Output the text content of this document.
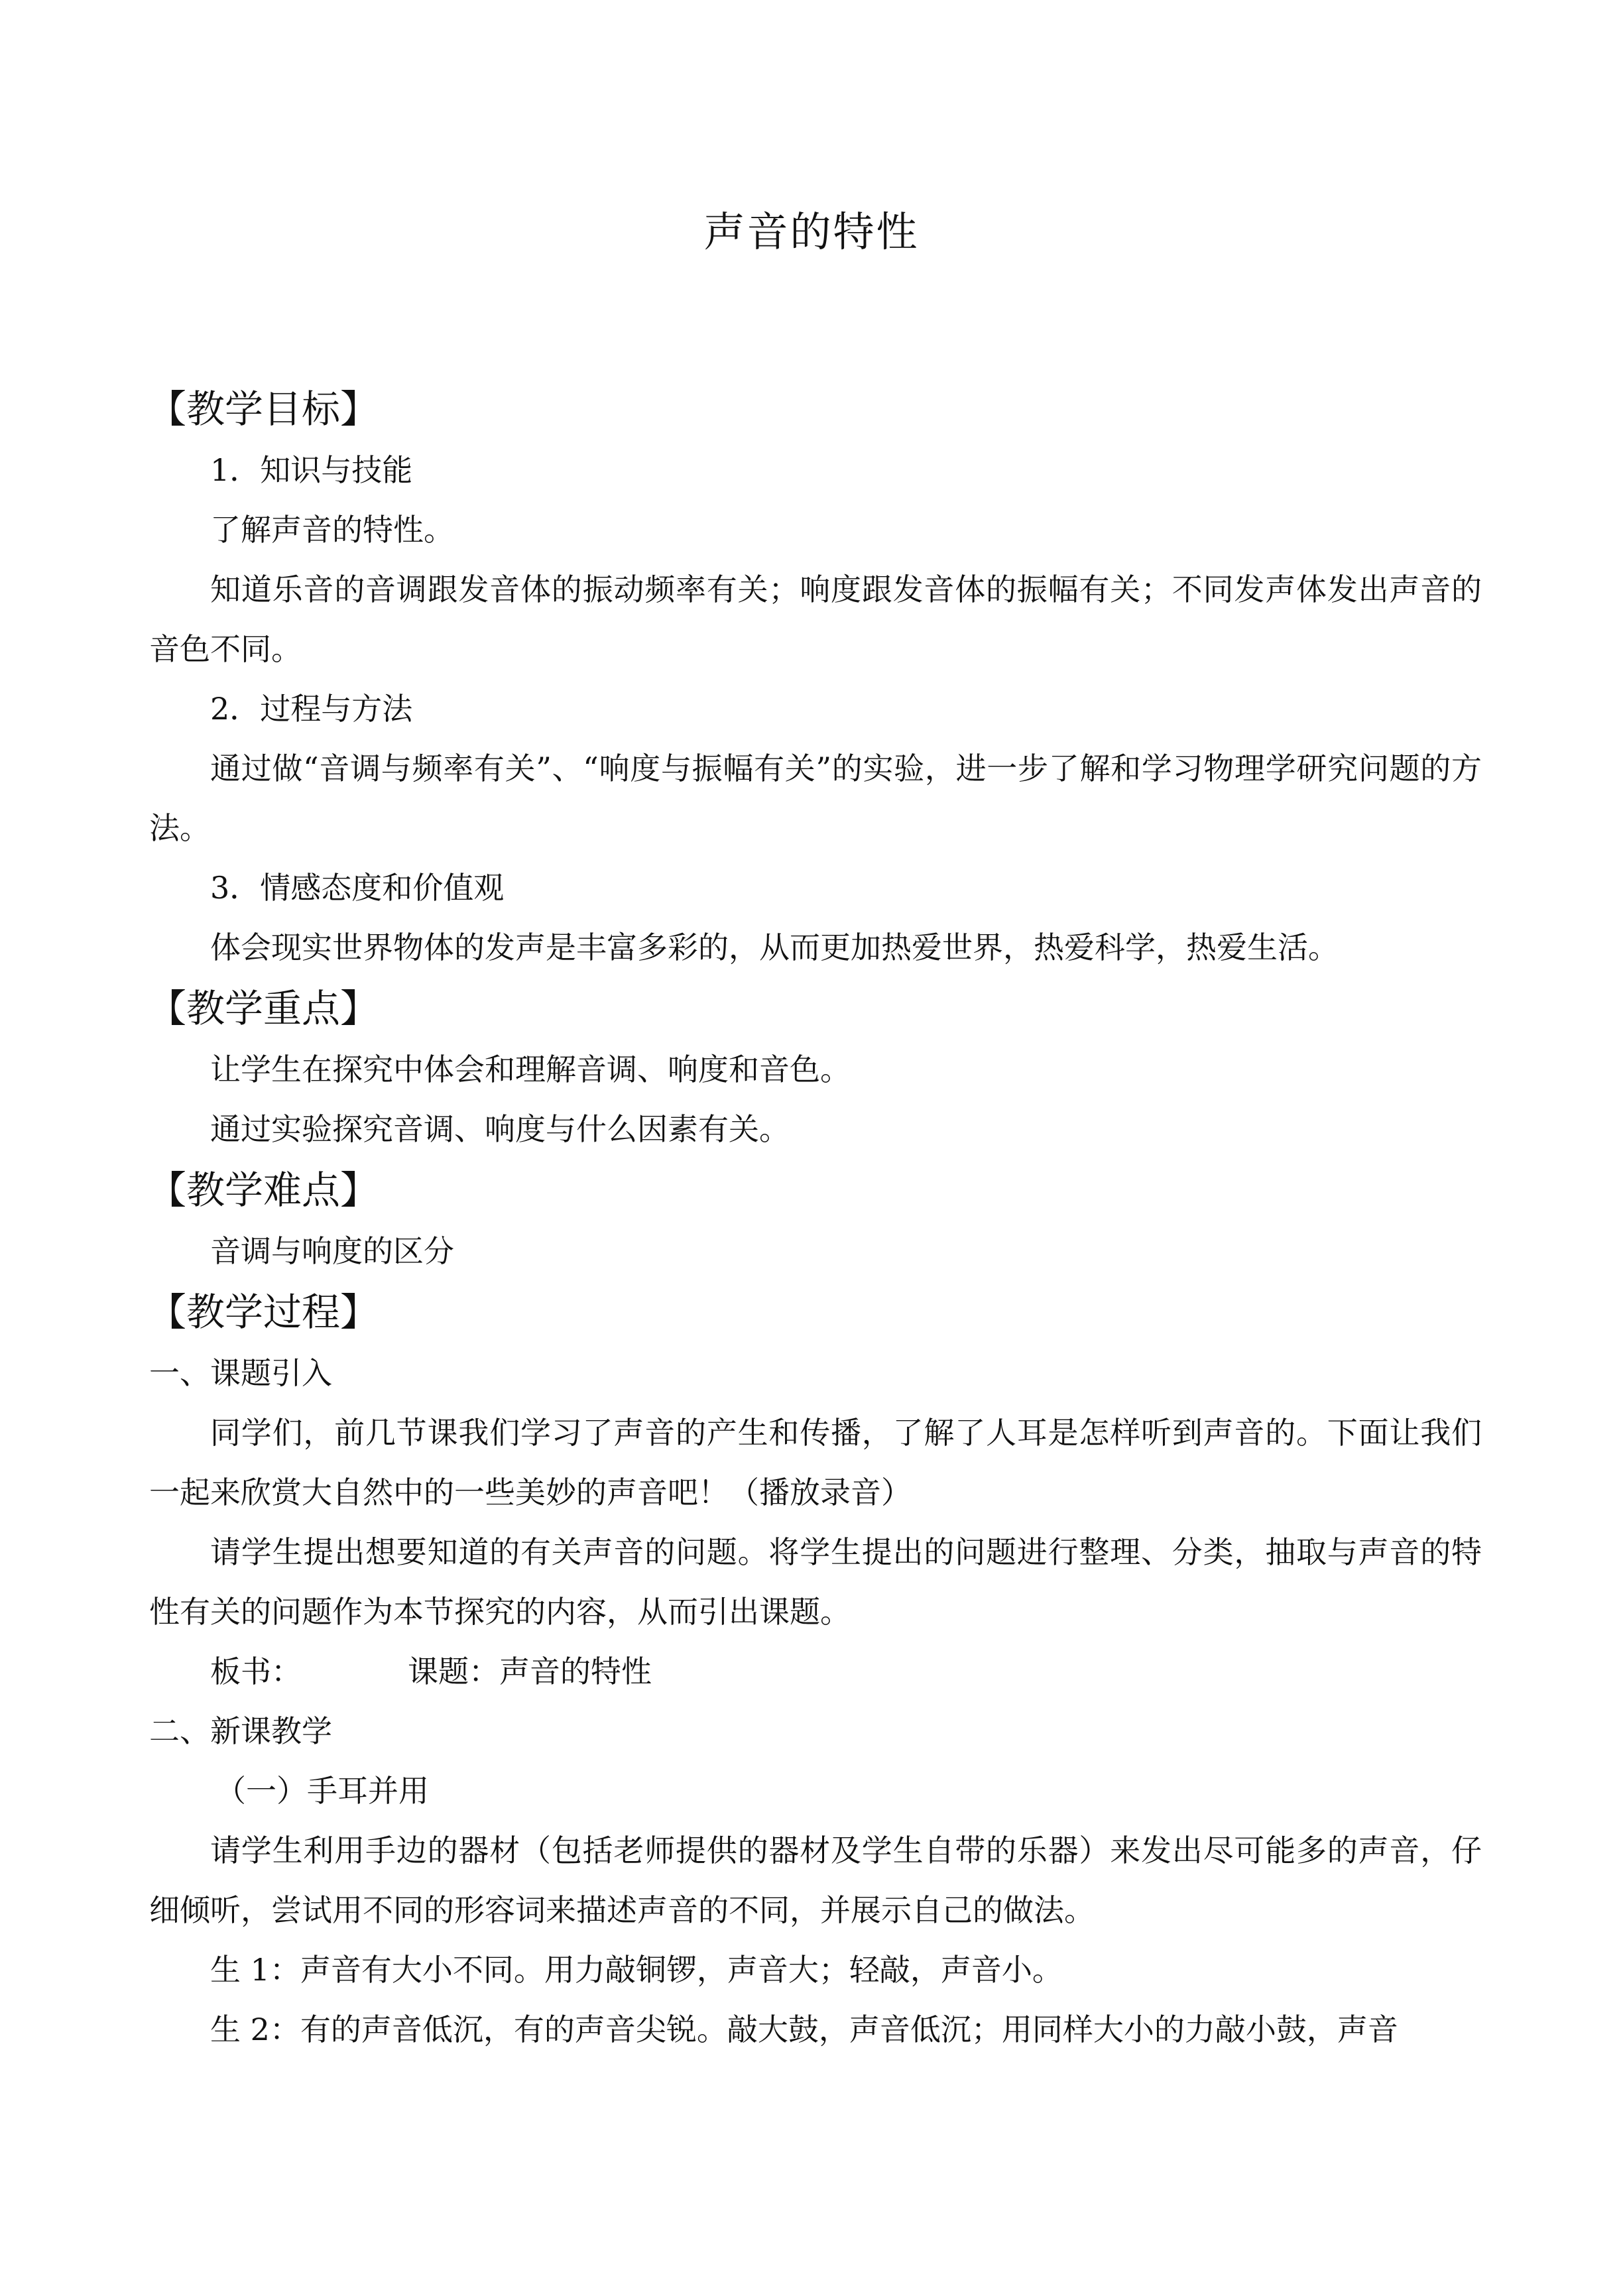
声音的特性
【教学目标】

1．知识与技能

了解声音的特性。

知道乐音的音调跟发音体的振动频率有关；响度跟发音体的振幅有关；不同发声体发出声音的音色不同。

2．过程与方法

通过做“音调与频率有关”、“响度与振幅有关”的实验，进一步了解和学习物理学研究问题的方法。

3．情感态度和价值观

体会现实世界物体的发声是丰富多彩的，从而更加热爱世界，热爱科学，热爱生活。

【教学重点】

让学生在探究中体会和理解音调、响度和音色。

通过实验探究音调、响度与什么因素有关。

【教学难点】

音调与响度的区分

【教学过程】

一、课题引入

同学们，前几节课我们学习了声音的产生和传播，了解了人耳是怎样听到声音的。下面让我们一起来欣赏大自然中的一些美妙的声音吧！（播放录音）

请学生提出想要知道的有关声音的问题。将学生提出的问题进行整理、分类，抽取与声音的特性有关的问题作为本节探究的内容，从而引出课题。

板书：	课题：声音的特性

二、新课教学

（一）手耳并用

请学生利用手边的器材（包括老师提供的器材及学生自带的乐器）来发出尽可能多的声音，仔细倾听，尝试用不同的形容词来描述声音的不同，并展示自己的做法。

生 1：声音有大小不同。用力敲铜锣，声音大；轻敲，声音小。

生 2：有的声音低沉，有的声音尖锐。敲大鼓，声音低沉；用同样大小的力敲小鼓，声音
